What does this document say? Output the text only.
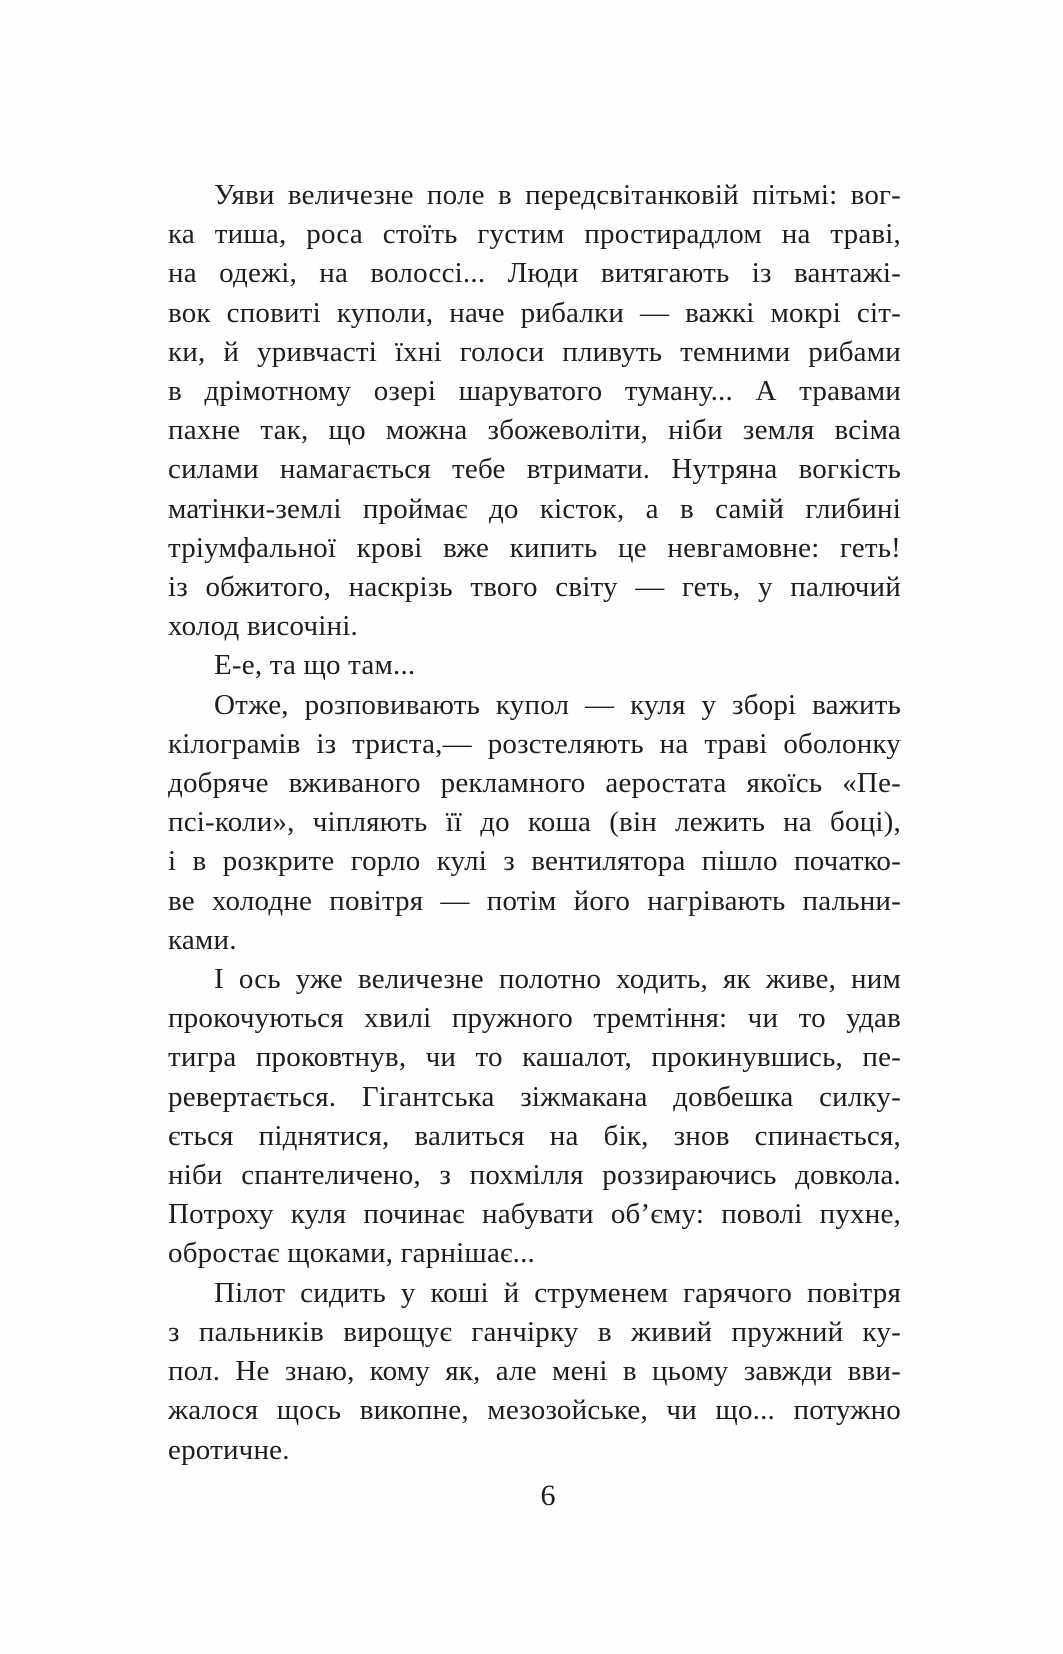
Уяви величезне поле в передсвітанковій пітьмі: вог-
ка тиша, роса стоїть густим простирадлом на траві,
на одежі, на волоссі... Люди витягають із вантажі-
вок сповиті куполи, наче рибалки — важкі мокрі сіт-
ки, й уривчасті їхні голоси пливуть темними рибами
в дрімотному озері шаруватого туману... А травами
пахне так, що можна збожеволіти, ніби земля всіма
силами намагається тебе втримати. Нутряна вогкість
матінки-землі проймає до кісток, а в самій глибині
тріумфальної крові вже кипить це невгамовне: геть!
із обжитого, наскрізь твого світу — геть, у палючий
холод височіні.
Е-е, та що там...
Отже, розповивають купол — куля у зборі важить
кілограмів із триста,— розстеляють на траві оболонку
добряче вживаного рекламного аеростата якоїсь «Пе-
псі-коли», чіпляють її до коша (він лежить на боці),
і в розкрите горло кулі з вентилятора пішло початко-
ве холодне повітря — потім його нагрівають пальни-
ками.
І ось уже величезне полотно ходить, як живе, ним
прокочуються хвилі пружного тремтіння: чи то удав
тигра проковтнув, чи то кашалот, прокинувшись, пе-
ревертається. Гігантська зіжмакана довбешка силку-
ється піднятися, валиться на бік, знов спинається,
ніби спантеличено, з похмілля роззираючись довкола.
Потроху куля починає набувати об’єму: поволі пухне,
обростає щоками, гарнішає...
Пілот сидить у коші й струменем гарячого повітря
з пальників вирощує ганчірку в живий пружний ку-
пол. Не знаю, кому як, але мені в цьому завжди вви-
жалося щось викопне, мезозойське, чи що... потужно
еротичне.
6
